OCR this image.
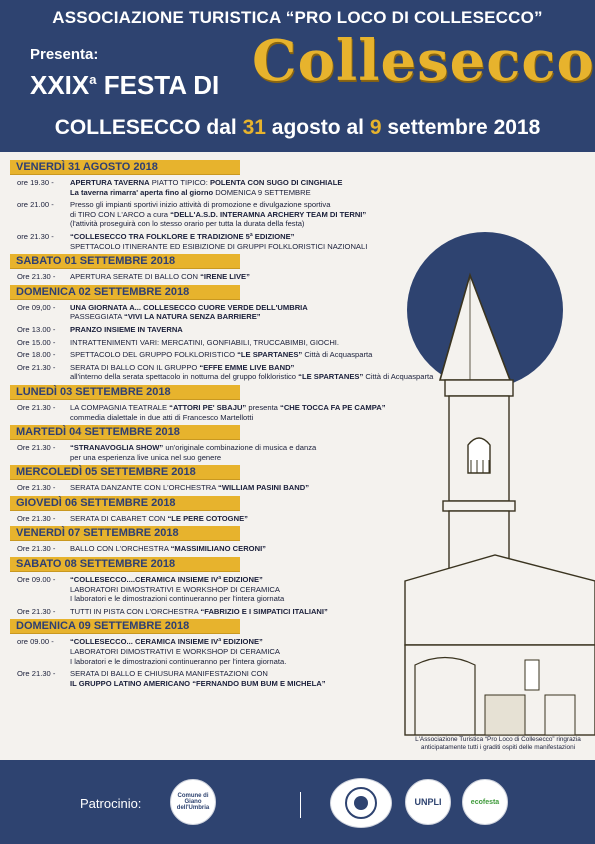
ASSOCIAZIONE TURISTICA “PRO LOCO DI COLLESECCO”
Presenta:
XXIX$^a$ FESTA DI Collesecco
COLLESECCO dal 31 agosto al 9 settembre 2018
VENERDÌ 31 AGOSTO 2018
ore 19.30 -	APERTURA TAVERNA PIATTO TIPICO: POLENTA CON SUGO DI CINGHIALE
La taverna rimarra' aperta fino al giorno DOMENICA 9 SETTEMBRE
ore 21.00 -	Presso gli impianti sportivi inizio attività di promozione e divulgazione sportiva
di TIRO CON L'ARCO a cura “DELL'A.S.D. INTERAMNA ARCHERY TEAM DI TERNI”
(l'attività proseguirà con lo stesso orario per tutta la durata della festa)
ore 21.30 -	“COLLESECCO TRA FOLKLORE E TRADIZIONE 5ª EDIZIONE”
SPETTACOLO ITINERANTE ED ESIBIZIONE DI GRUPPI FOLKLORISTICI NAZIONALI
SABATO 01 SETTEMBRE 2018
Ore 21.30 -	APERTURA SERATE DI BALLO CON “IRENE LIVE”
DOMENICA 02 SETTEMBRE 2018
Ore 09,00 -	UNA GIORNATA A... COLLESECCO CUORE VERDE DELL'UMBRIA
PASSEGGIATA “VIVI LA NATURA SENZA BARRIERE”
Ore 13.00 -	PRANZO INSIEME IN TAVERNA
Ore 15.00 -	INTRATTENIMENTI VARI: MERCATINI, GONFIABILI, TRUCCABIMBI, GIOCHI.
Ore 18.00 -	SPETTACOLO DEL GRUPPO FOLKLORISTICO “LE SPARTANES” Città di Acquasparta
Ore 21.30 -	SERATA DI BALLO CON IL GRUPPO “EFFE EMME LIVE BAND”
all'interno della serata spettacolo in notturna del gruppo folkloristico “LE SPARTANES” Città di Acquasparta
LUNEDÌ 03 SETTEMBRE 2018
Ore 21.30 -	LA COMPAGNIA TEATRALE “ATTORI PE' SBAJU” presenta “CHE TOCCA FA PE CAMPA”
commedia dialettale in due atti di Francesco Martellotti
MARTEDÌ 04 SETTEMBRE 2018
Ore 21.30 -	“STRANAVOGLIA SHOW” un'originale combinazione di musica e danza
per una esperienza live unica nel suo genere
MERCOLEDÌ 05 SETTEMBRE 2018
Ore 21.30 -	SERATA DANZANTE CON L'ORCHESTRA “WILLIAM PASINI BAND”
GIOVEDÌ 06 SETTEMBRE 2018
Ore 21.30 -	SERATA DI CABARET CON “LE PERE COTOGNE”
VENERDÌ 07 SETTEMBRE 2018
Ore 21.30 -	BALLO CON L'ORCHESTRA “MASSIMILIANO CERONI”
SABATO 08 SETTEMBRE 2018
Ore 09.00 -	“COLLESECCO....CERAMICA INSIEME IVª EDIZIONE”
LABORATORI DIMOSTRATIVI E WORKSHOP DI CERAMICA
I laboratori e le dimostrazioni continueranno per l'intera giornata
Ore 21.30 -	TUTTI IN PISTA CON L'ORCHESTRA “FABRIZIO E I SIMPATICI ITALIANI”
DOMENICA 09 SETTEMBRE 2018
ore 09.00 -	“COLLESECCO... CERAMICA INSIEME IVª EDIZIONE”
LABORATORI DIMOSTRATIVI E WORKSHOP DI CERAMICA
I laboratori e le dimostrazioni continueranno per l'intera giornata.
Ore 21.30 -	SERATA DI BALLO E CHIUSURA MANIFESTAZIONI CON
IL GRUPPO LATINO AMERICANO “FERNANDO BUM BUM E MICHELA”
L'Associazione Turistica “Pro Loco di Collesecco” ringrazia anticipatamente tutti i graditi ospiti delle manifestazioni
Patrocinio:	Comune di Giano dell'Umbria
UNPLI	ecofesta
